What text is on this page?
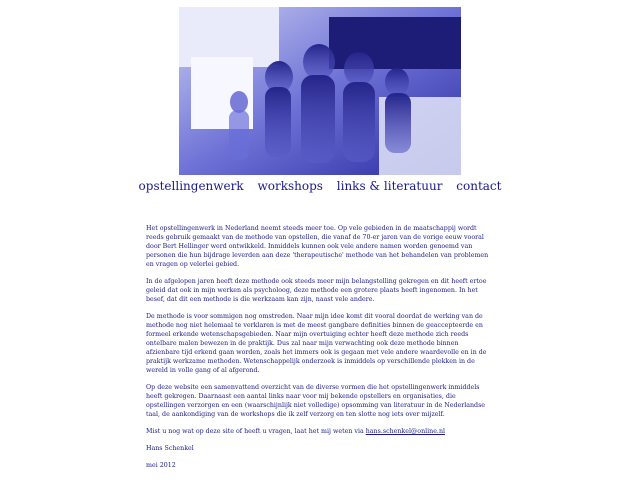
opstellingenwerk workshops links & literatuur contact

Het opstellingenwerk in Nederland neemt steeds meer toe. Op vele gebieden in de maatschappij wordt reeds gebruik gemaakt van de methode van opstellen, die vanaf de 70-er jaren van de vorige eeuw vooral door Bert Hellinger werd ontwikkeld. Inmiddels kunnen ook vele andere namen worden genoemd van personen die hun bijdrage leverden aan deze 'therapeutische' methode van het behandelen van problemen en vragen op velerlei gebied.

In de afgelopen jaren heeft deze methode ook steeds meer mijn belangstelling gekregen en dit heeft ertoe geleid dat ook in mijn werken als psycholoog, deze methode een grotere plaats heeft ingenomen. In het besef, dat dit een methode is die werkzaam kan zijn, naast vele andere.

De methode is voor sommigen nog omstreden. Naar mijn idee komt dit vooral doordat de werking van de methode nog niet helemaal te verklaren is met de meest gangbare definities binnen de geaccepteerde en formeel erkende wetenschapsgebieden. Naar mijn overtuiging echter heeft deze methode zich reeds ontelbare malen bewezen in de praktijk. Dus zal naar mijn verwachting ook deze methode binnen afzienbare tijd erkend gaan worden, zoals het immers ook is gegaan met vele andere waardevolle en in de praktijk werkzame methoden. Wetenschappelijk onderzoek is inmiddels op verschillende plekken in de wereld in volle gang of al afgerond.

Op deze website een samenvattend overzicht van de diverse vormen die het opstellingenwerk inmiddels heeft gekregen. Daarnaast een aantal links naar voor mij bekende opstellers en organisaties, die opstellingen verzorgen en een (waarschijnlijk niet volledige) opsomming van literatuur in de Nederlandse taal, de aankondiging van de workshops die ik zelf verzorg en ten slotte nog iets over mijzelf.

Mist u nog wat op deze site of heeft u vragen, laat het mij weten via hans.schenkel@online.nl

Hans Schenkel

mei 2012
